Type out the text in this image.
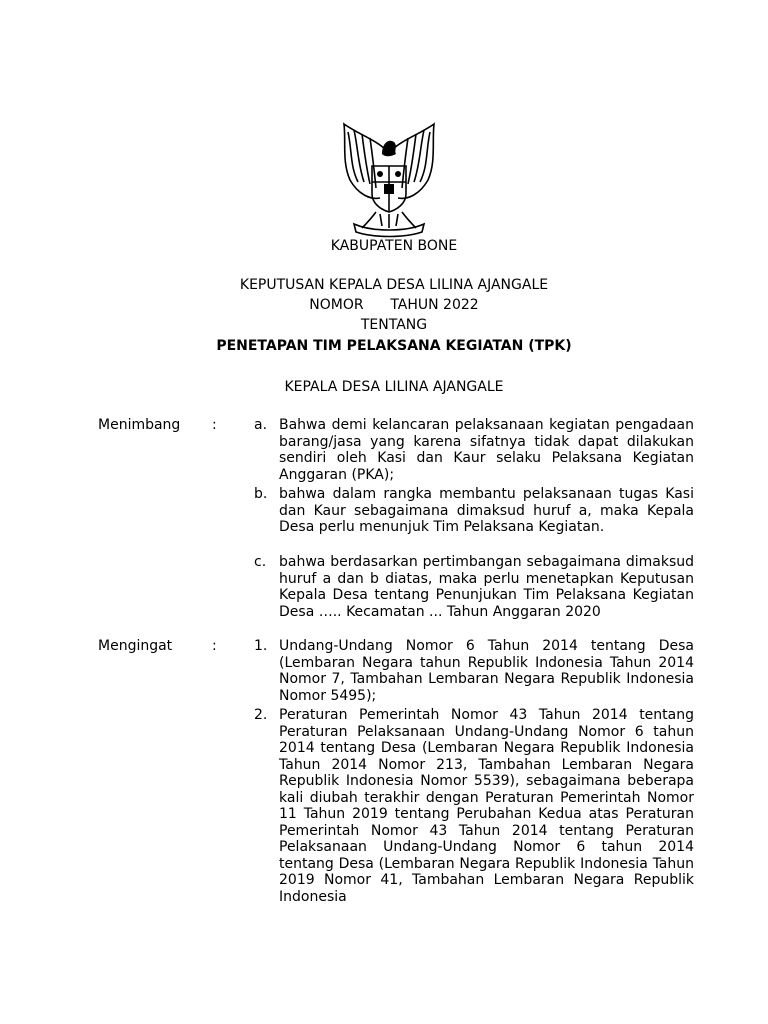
KABUPATEN BONE
KEPUTUSAN KEPALA DESA LILINA AJANGALE
NOMOR      TAHUN 2022
TENTANG
PENETAPAN TIM PELAKSANA KEGIATAN (TPK)
KEPALA DESA LILINA AJANGALE
Menimbang :	a. Bahwa demi kelancaran pelaksanaan kegiatan pengadaan barang/jasa yang karena sifatnya tidak dapat dilakukan sendiri oleh Kasi dan Kaur selaku Pelaksana Kegiatan Anggaran (PKA);
b. bahwa dalam rangka membantu pelaksanaan tugas Kasi dan Kaur sebagaimana dimaksud huruf a, maka Kepala Desa perlu menunjuk Tim Pelaksana Kegiatan.
c. bahwa berdasarkan pertimbangan sebagaimana dimaksud huruf a dan b diatas, maka perlu menetapkan Keputusan Kepala Desa tentang Penunjukan Tim Pelaksana Kegiatan Desa ….. Kecamatan ... Tahun Anggaran 2020
Mengingat	:	1. Undang-Undang Nomor 6 Tahun 2014 tentang Desa (Lembaran Negara tahun Republik Indonesia Tahun 2014 Nomor 7, Tambahan Lembaran Negara Republik Indonesia Nomor 5495);
2. Peraturan Pemerintah Nomor 43 Tahun 2014 tentang Peraturan Pelaksanaan Undang-Undang Nomor 6 tahun 2014 tentang Desa (Lembaran Negara Republik Indonesia Tahun 2014 Nomor 213, Tambahan Lembaran Negara Republik Indonesia Nomor 5539), sebagaimana beberapa kali diubah terakhir dengan Peraturan Pemerintah Nomor 11 Tahun 2019 tentang Perubahan Kedua atas Peraturan Pemerintah Nomor 43 Tahun 2014 tentang Peraturan Pelaksanaan Undang-Undang Nomor 6 tahun 2014 tentang Desa (Lembaran Negara Republik Indonesia Tahun 2019 Nomor 41, Tambahan Lembaran Negara Republik Indonesia
